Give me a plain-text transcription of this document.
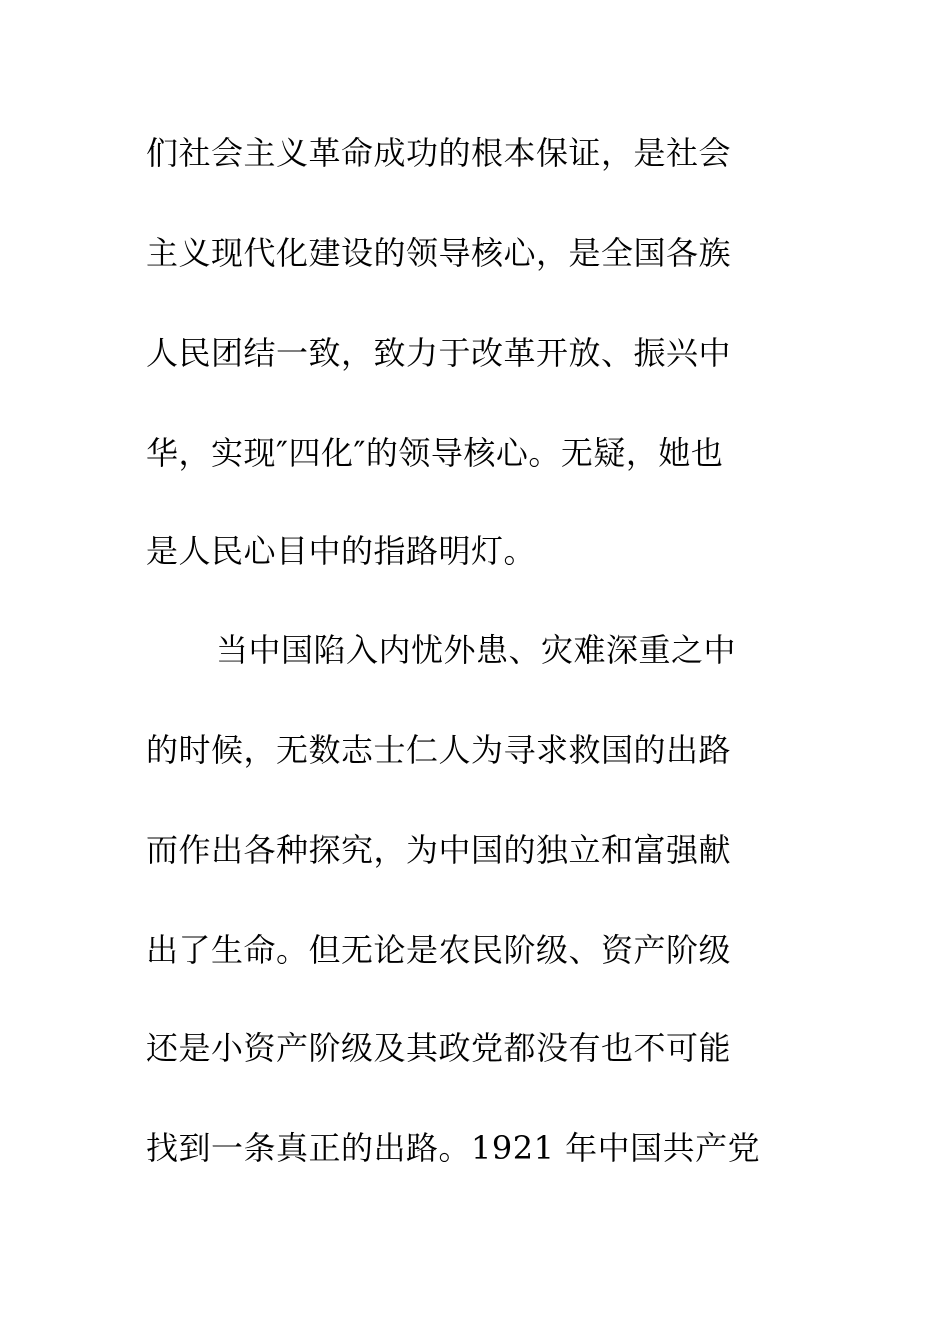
们社会主义革命成功的根本保证，是社会
主义现代化建设的领导核心，是全国各族
人民团结一致，致力于改革开放、振兴中
华，实现″四化″的领导核心。无疑，她也
是人民心目中的指路明灯。
当中国陷入内忧外患、灾难深重之中
的时候，无数志士仁人为寻求救国的出路
而作出各种探究，为中国的独立和富强献
出了生命。但无论是农民阶级、资产阶级
还是小资产阶级及其政党都没有也不可能
找到一条真正的出路。1921 年中国共产党
